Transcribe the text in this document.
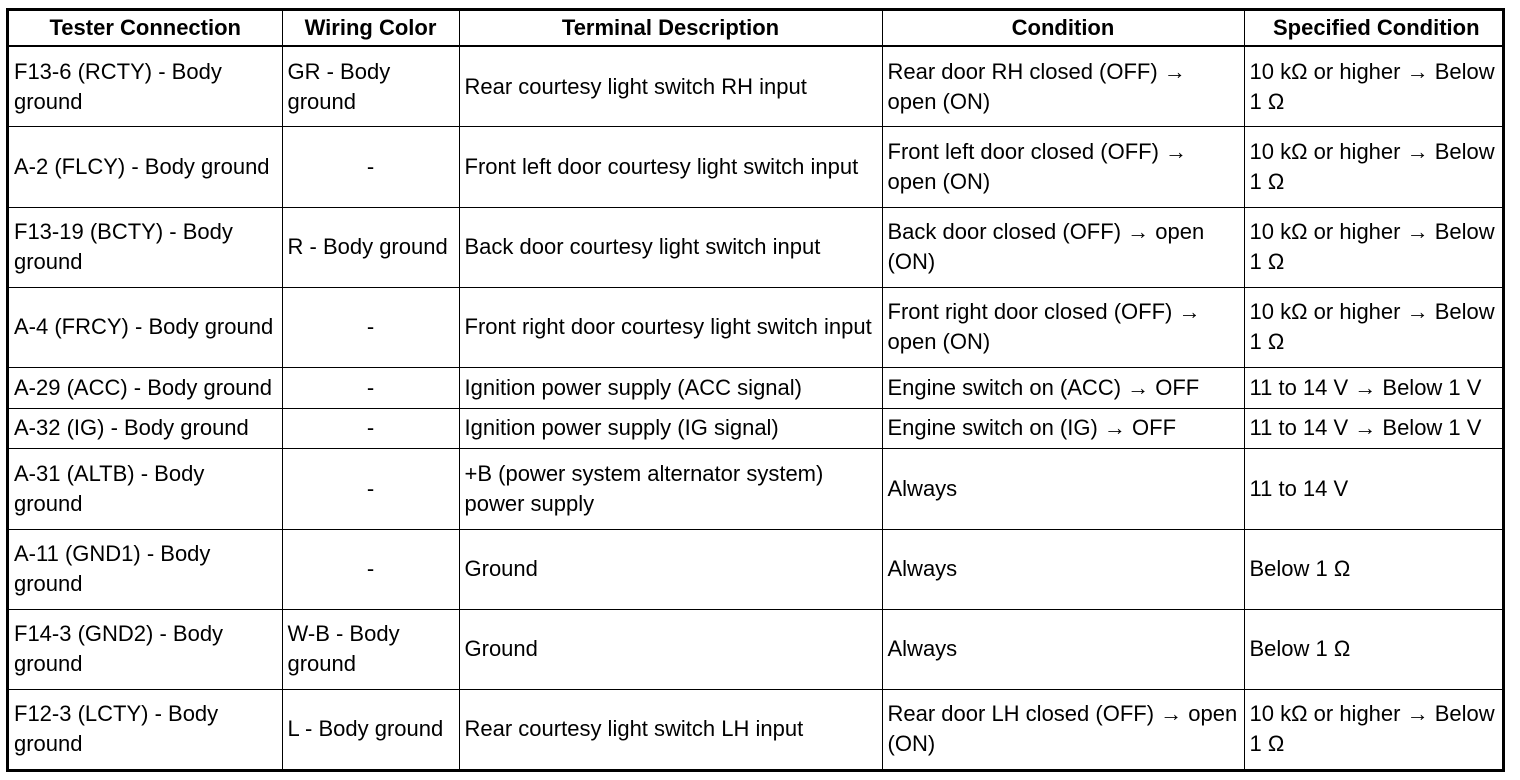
Tester Connection	Wiring Color	Terminal Description	Condition	Specified Condition
F13-6 (RCTY) - Body ground	GR - Body ground	Rear courtesy light switch RH input	Rear door RH closed (OFF) → open (ON)	10 kΩ or higher → Below 1 Ω
A-2 (FLCY) - Body ground	-	Front left door courtesy light switch input	Front left door closed (OFF) → open (ON)	10 kΩ or higher → Below 1 Ω
F13-19 (BCTY) - Body ground	R - Body ground	Back door courtesy light switch input	Back door closed (OFF) → open (ON)	10 kΩ or higher → Below 1 Ω
A-4 (FRCY) - Body ground	-	Front right door courtesy light switch input	Front right door closed (OFF) → open (ON)	10 kΩ or higher → Below 1 Ω
A-29 (ACC) - Body ground	-	Ignition power supply (ACC signal)	Engine switch on (ACC) → OFF	11 to 14 V → Below 1 V
A-32 (IG) - Body ground	-	Ignition power supply (IG signal)	Engine switch on (IG) → OFF	11 to 14 V → Below 1 V
A-31 (ALTB) - Body ground	-	+B (power system alternator system) power supply	Always	11 to 14 V
A-11 (GND1) - Body ground	-	Ground	Always	Below 1 Ω
F14-3 (GND2) - Body ground	W-B - Body ground	Ground	Always	Below 1 Ω
F12-3 (LCTY) - Body ground	L - Body ground	Rear courtesy light switch LH input	Rear door LH closed (OFF) → open (ON)	10 kΩ or higher → Below 1 Ω
